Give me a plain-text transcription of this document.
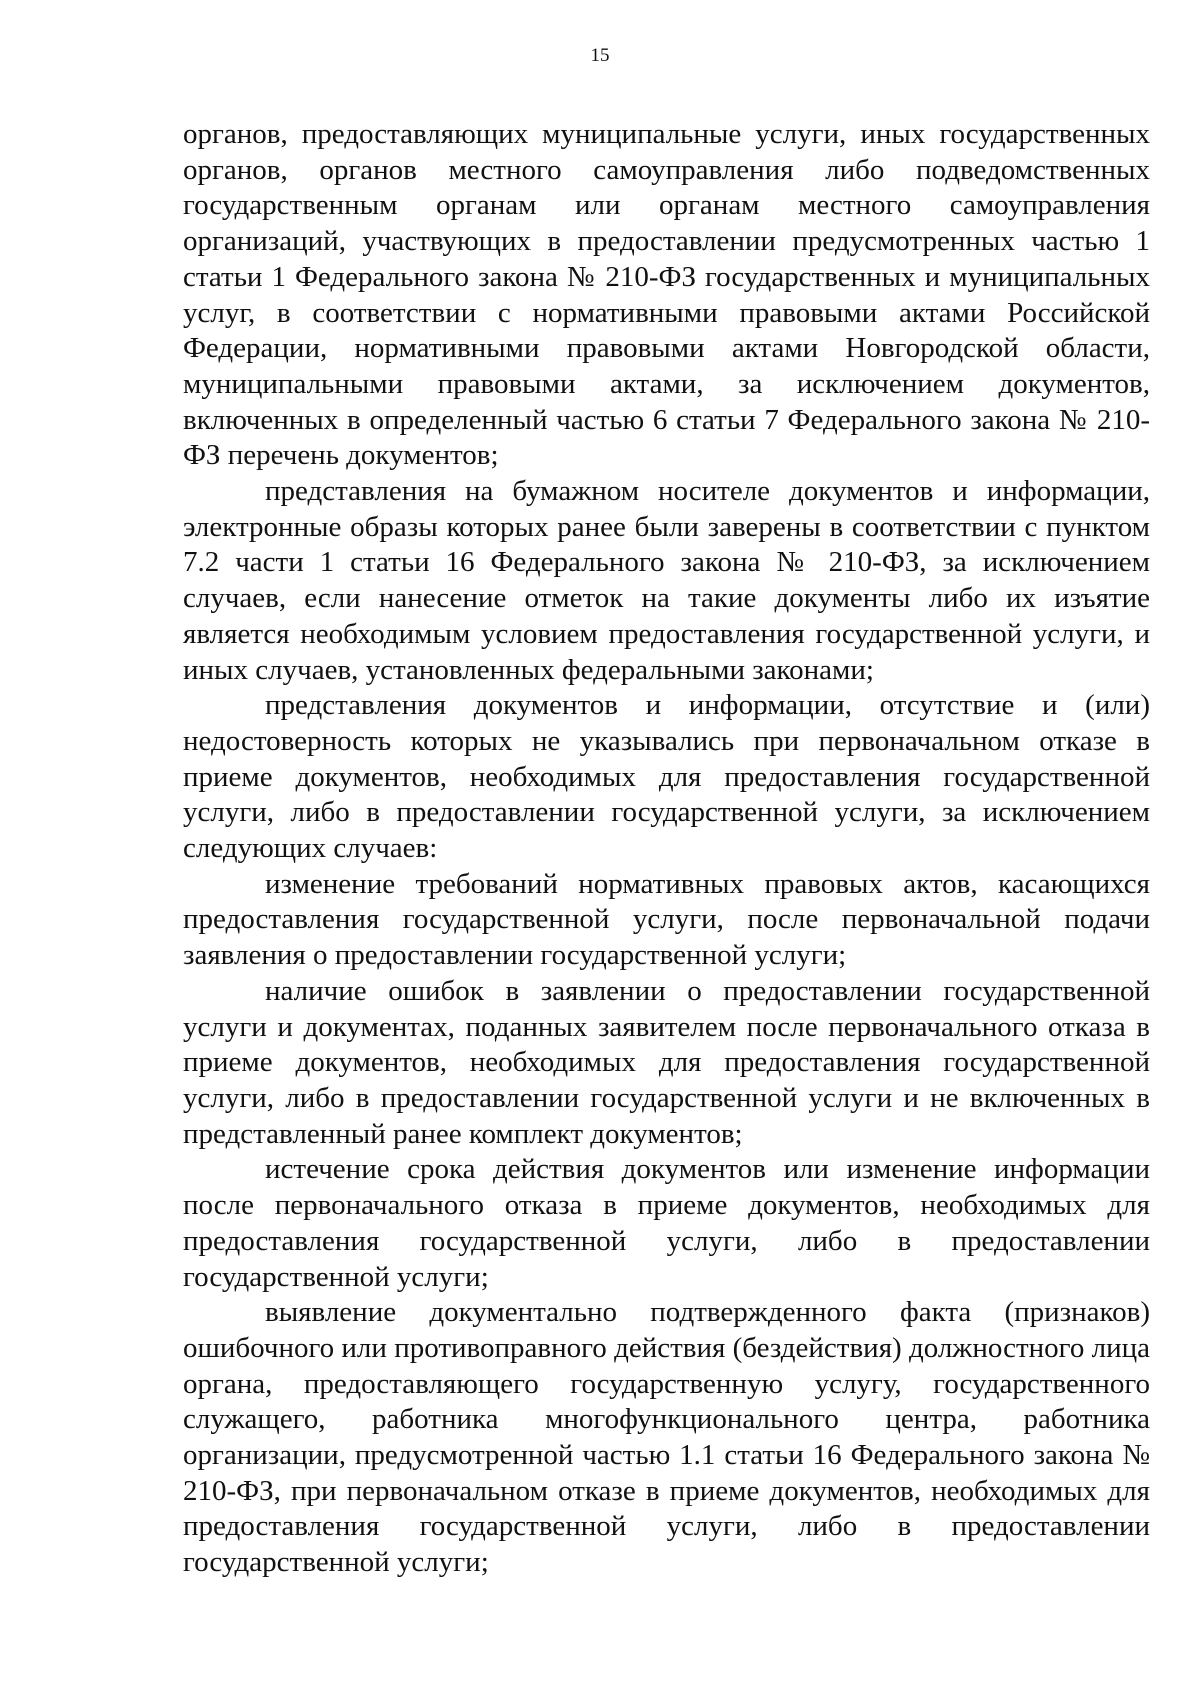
15

органов, предоставляющих муниципальные услуги, иных государственных органов, органов местного самоуправления либо подведомственных государственным органам или органам местного самоуправления организаций, участвующих в предоставлении предусмотренных частью 1 статьи 1 Федерального закона № 210-ФЗ государственных и муниципальных услуг, в соответствии с нормативными правовыми актами Российской Федерации, нормативными правовыми актами Новгородской области, муниципальными правовыми актами, за исключением документов, включенных в определенный частью 6 статьи 7 Федерального закона № 210-ФЗ перечень документов;

представления на бумажном носителе документов и информации, электронные образы которых ранее были заверены в соответствии с пунктом 7.2 части 1 статьи 16 Федерального закона № 210-ФЗ, за исключением случаев, если нанесение отметок на такие документы либо их изъятие является необходимым условием предоставления государственной услуги, и иных случаев, установленных федеральными законами;

представления документов и информации, отсутствие и (или) недостоверность которых не указывались при первоначальном отказе в приеме документов, необходимых для предоставления государственной услуги, либо в предоставлении государственной услуги, за исключением следующих случаев:

изменение требований нормативных правовых актов, касающихся предоставления государственной услуги, после первоначальной подачи заявления о предоставлении государственной услуги;

наличие ошибок в заявлении о предоставлении государственной услуги и документах, поданных заявителем после первоначального отказа в приеме документов, необходимых для предоставления государственной услуги, либо в предоставлении государственной услуги и не включенных в представленный ранее комплект документов;

истечение срока действия документов или изменение информации после первоначального отказа в приеме документов, необходимых для предоставления государственной услуги, либо в предоставлении государственной услуги;

выявление документально подтвержденного факта (признаков) ошибочного или противоправного действия (бездействия) должностного лица органа, предоставляющего государственную услугу, государственного служащего, работника многофункционального центра, работника организации, предусмотренной частью 1.1 статьи 16 Федерального закона № 210-ФЗ, при первоначальном отказе в приеме документов, необходимых для предоставления государственной услуги, либо в предоставлении государственной услуги;
